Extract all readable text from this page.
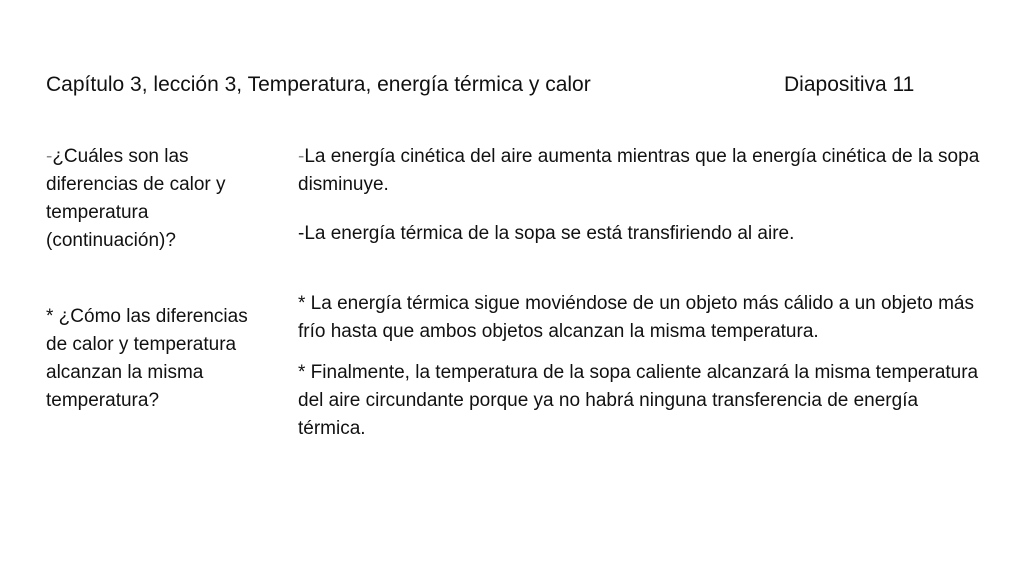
Capítulo 3, lección 3, Temperatura, energía térmica y calor	Diapositiva 11

-¿Cuáles son las diferencias de calor y temperatura (continuación)?

* ¿Cómo las diferencias de calor y temperatura alcanzan la misma temperatura?

-La energía cinética del aire aumenta mientras que la energía cinética de la sopa disminuye.

-La energía térmica de la sopa se está transfiriendo al aire.

* La energía térmica sigue moviéndose de un objeto más cálido a un objeto más frío hasta que ambos objetos alcanzan la misma temperatura.

* Finalmente, la temperatura de la sopa caliente alcanzará la misma temperatura del aire circundante porque ya no habrá ninguna transferencia de energía térmica.
